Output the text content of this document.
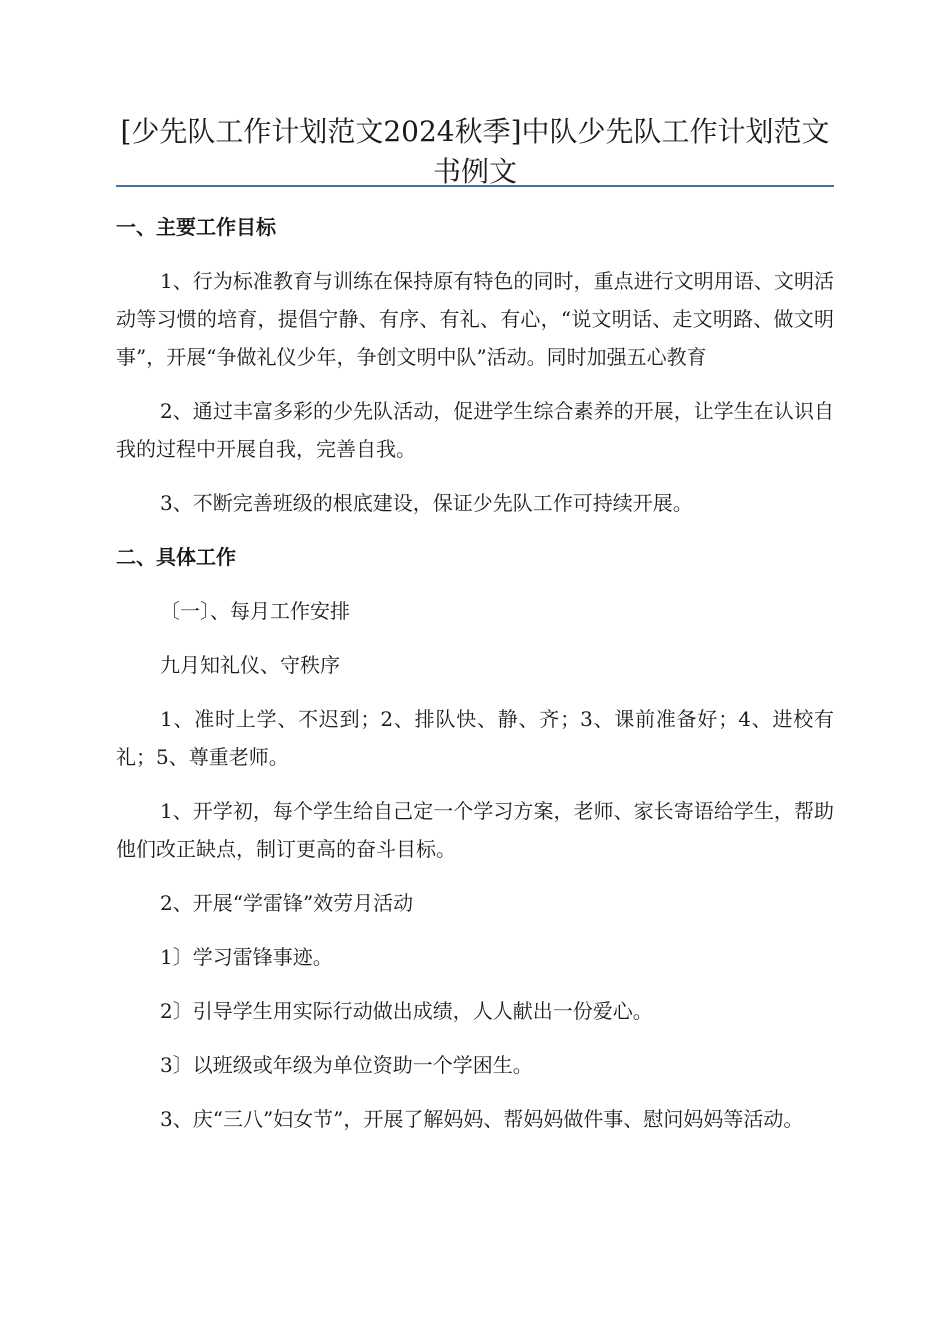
[少先队工作计划范文2024秋季]中队少先队工作计划范文书例文
一、主要工作目标
1、行为标准教育与训练在保持原有特色的同时，重点进行文明用语、文明活动等习惯的培育，提倡宁静、有序、有礼、有心，“说文明话、走文明路、做文明事”，开展“争做礼仪少年，争创文明中队”活动。同时加强五心教育
2、通过丰富多彩的少先队活动，促进学生综合素养的开展，让学生在认识自我的过程中开展自我，完善自我。
3、不断完善班级的根底建设，保证少先队工作可持续开展。
二、具体工作
〔一〕、每月工作安排
九月知礼仪、守秩序
1、准时上学、不迟到；2、排队快、静、齐；3、课前准备好；4、进校有礼；5、尊重老师。
1、开学初，每个学生给自己定一个学习方案，老师、家长寄语给学生，帮助他们改正缺点，制订更高的奋斗目标。
2、开展“学雷锋”效劳月活动
1〕学习雷锋事迹。
2〕引导学生用实际行动做出成绩，人人献出一份爱心。
3〕以班级或年级为单位资助一个学困生。
3、庆“三八”妇女节”，开展了解妈妈、帮妈妈做件事、慰问妈妈等活动。
